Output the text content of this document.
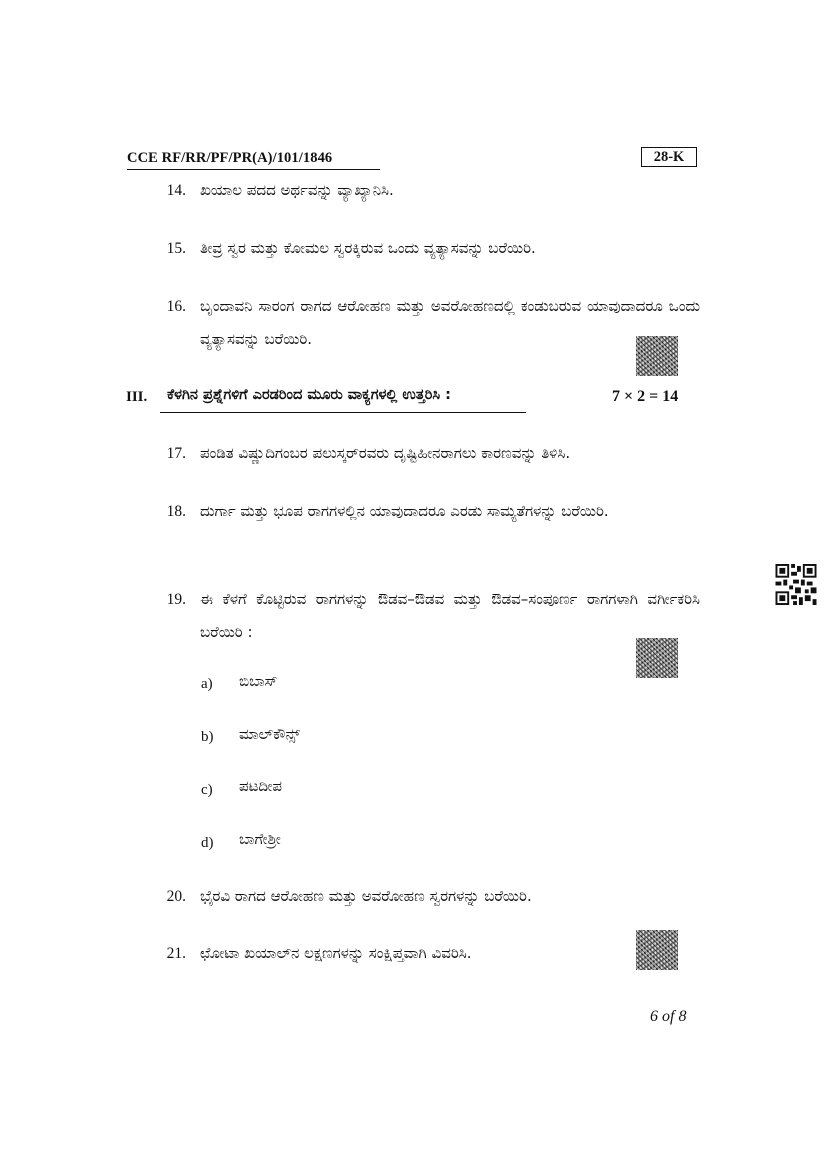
CCE RF/RR/PF/PR(A)/101/1846	28-K
14. ಖಯಾಲ ಪದದ ಅರ್ಥವನ್ನು ವ್ಯಾಖ್ಯಾನಿಸಿ.
15. ತೀವ್ರ ಸ್ವರ ಮತ್ತು ಕೋಮಲ ಸ್ವರಕ್ಕಿರುವ ಒಂದು ವ್ಯತ್ಯಾಸವನ್ನು ಬರೆಯಿರಿ.
16. ಬೃಂದಾವನಿ ಸಾರಂಗ ರಾಗದ ಆರೋಹಣ ಮತ್ತು ಅವರೋಹಣದಲ್ಲಿ ಕಂಡುಬರುವ ಯಾವುದಾದರೂ ಒಂದು ವ್ಯತ್ಯಾಸವನ್ನು ಬರೆಯಿರಿ.
III. ಕೆಳಗಿನ ಪ್ರಶ್ನೆಗಳಿಗೆ ಎರಡರಿಂದ ಮೂರು ವಾಕ್ಯಗಳಲ್ಲಿ ಉತ್ತರಿಸಿ :	7 × 2 = 14
17. ಪಂಡಿತ ವಿಷ್ಣುದಿಗಂಬರ ಪಲುಸ್ಕರ್‌ರವರು ದೃಷ್ಟಿಹೀನರಾಗಲು ಕಾರಣವನ್ನು ತಿಳಿಸಿ.
18. ದುರ್ಗಾ ಮತ್ತು ಭೂಪ ರಾಗಗಳಲ್ಲಿನ ಯಾವುದಾದರೂ ಎರಡು ಸಾಮ್ಯತೆಗಳನ್ನು ಬರೆಯಿರಿ.
19. ಈ ಕೆಳಗೆ ಕೊಟ್ಟಿರುವ ರಾಗಗಳನ್ನು ಔಡವ–ಔಡವ ಮತ್ತು ಔಡವ–ಸಂಪೂರ್ಣ ರಾಗಗಳಾಗಿ ವರ್ಗೀಕರಿಸಿ ಬರೆಯಿರಿ :
a) ಬಿಬಾಸ್
b) ಮಾಲ್‌ಕೌನ್ಸ್
c) ಪಟದೀಪ
d) ಬಾಗೇಶ್ರೀ
20. ಭೈರವಿ ರಾಗದ ಆರೋಹಣ ಮತ್ತು ಅವರೋಹಣ ಸ್ವರಗಳನ್ನು ಬರೆಯಿರಿ.
21. ಛೋಟಾ ಖಯಾಲ್‌ನ ಲಕ್ಷಣಗಳನ್ನು ಸಂಕ್ಷಿಪ್ತವಾಗಿ ವಿವರಿಸಿ.
6 of 8
